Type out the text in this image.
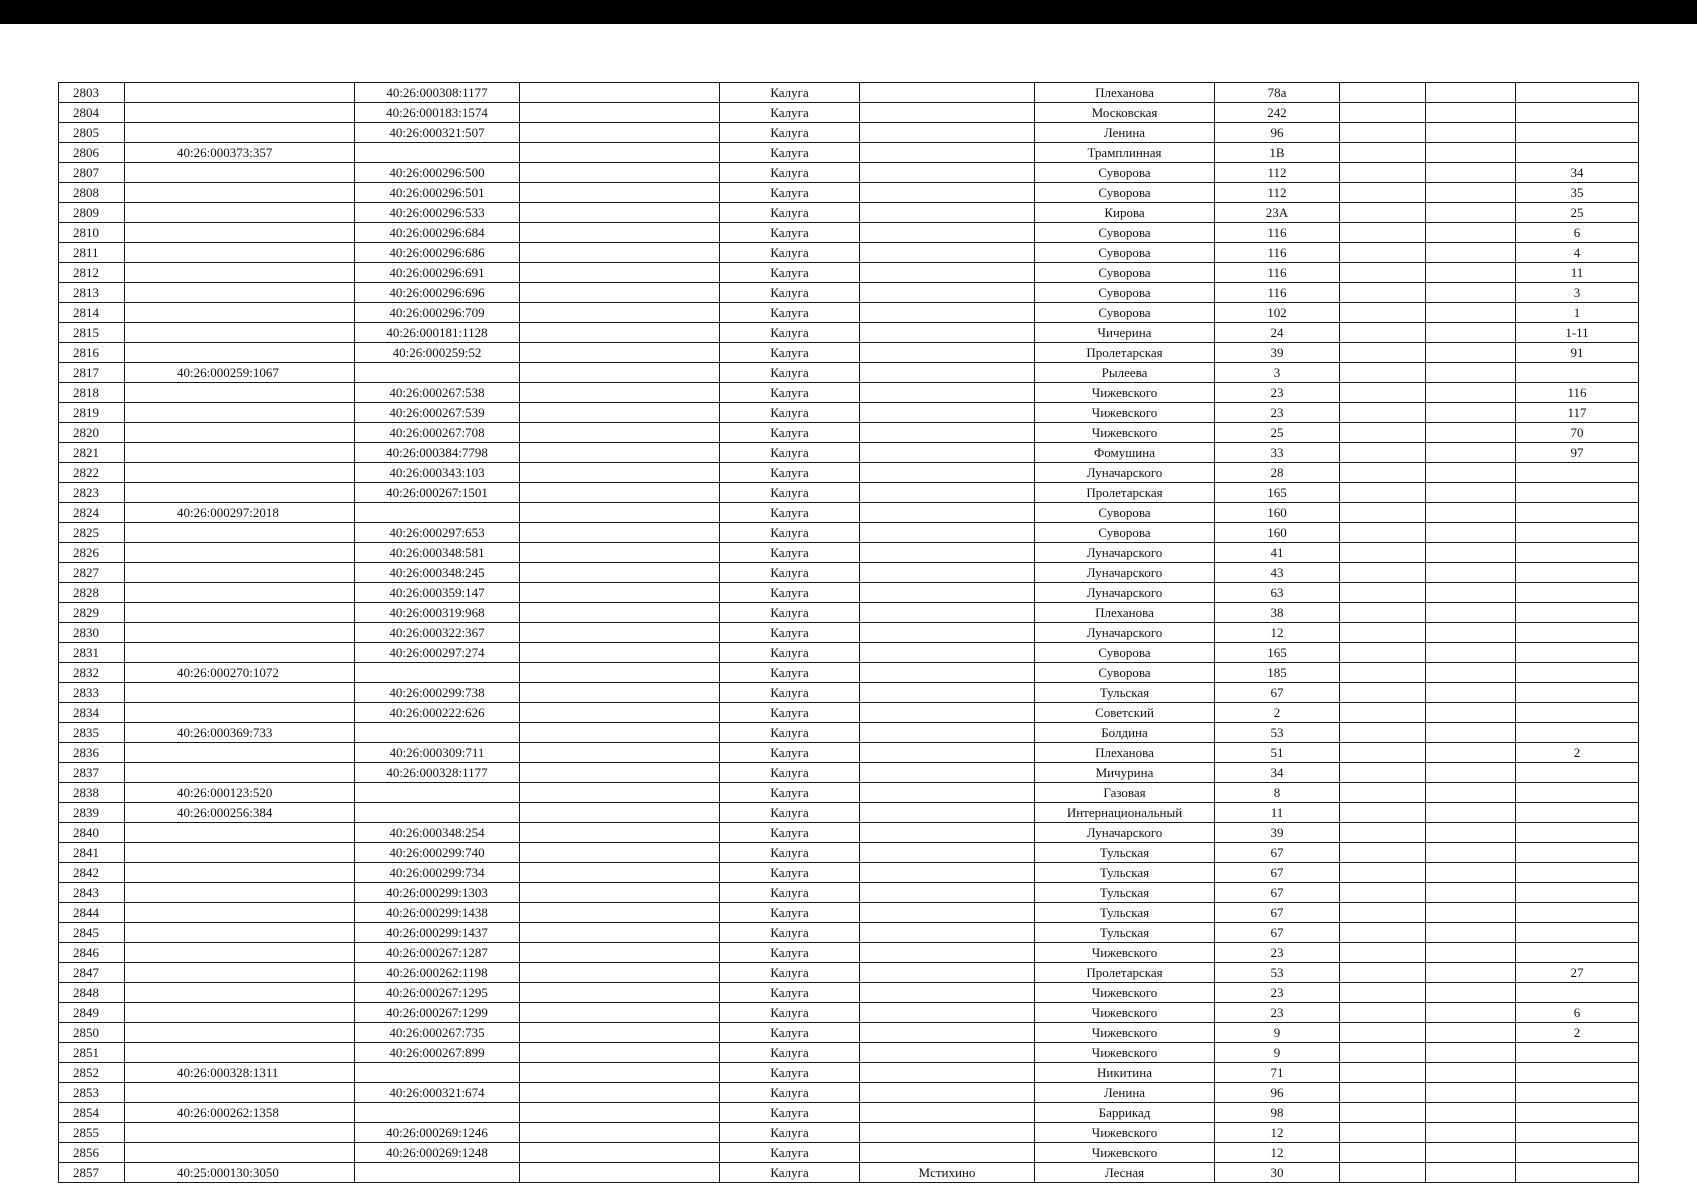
2803		40:26:000308:1177		Калуга		Плеханова	78а			
2804		40:26:000183:1574		Калуга		Московская	242			
2805		40:26:000321:507		Калуга		Ленина	96			
2806	40:26:000373:357			Калуга		Трамплинная	1В			
2807		40:26:000296:500		Калуга		Суворова	112			34
2808		40:26:000296:501		Калуга		Суворова	112			35
2809		40:26:000296:533		Калуга		Кирова	23А			25
2810		40:26:000296:684		Калуга		Суворова	116			6
2811		40:26:000296:686		Калуга		Суворова	116			4
2812		40:26:000296:691		Калуга		Суворова	116			11
2813		40:26:000296:696		Калуга		Суворова	116			3
2814		40:26:000296:709		Калуга		Суворова	102			1
2815		40:26:000181:1128		Калуга		Чичерина	24			1-11
2816		40:26:000259:52		Калуга		Пролетарская	39			91
2817	40:26:000259:1067			Калуга		Рылеева	3			
2818		40:26:000267:538		Калуга		Чижевского	23			116
2819		40:26:000267:539		Калуга		Чижевского	23			117
2820		40:26:000267:708		Калуга		Чижевского	25			70
2821		40:26:000384:7798		Калуга		Фомушина	33			97
2822		40:26:000343:103		Калуга		Луначарского	28			
2823		40:26:000267:1501		Калуга		Пролетарская	165			
2824	40:26:000297:2018			Калуга		Суворова	160			
2825		40:26:000297:653		Калуга		Суворова	160			
2826		40:26:000348:581		Калуга		Луначарского	41			
2827		40:26:000348:245		Калуга		Луначарского	43			
2828		40:26:000359:147		Калуга		Луначарского	63			
2829		40:26:000319:968		Калуга		Плеханова	38			
2830		40:26:000322:367		Калуга		Луначарского	12			
2831		40:26:000297:274		Калуга		Суворова	165			
2832	40:26:000270:1072			Калуга		Суворова	185			
2833		40:26:000299:738		Калуга		Тульская	67			
2834		40:26:000222:626		Калуга		Советский	2			
2835	40:26:000369:733			Калуга		Болдина	53			
2836		40:26:000309:711		Калуга		Плеханова	51			2
2837		40:26:000328:1177		Калуга		Мичурина	34			
2838	40:26:000123:520			Калуга		Газовая	8			
2839	40:26:000256:384			Калуга		Интернациональный	11			
2840		40:26:000348:254		Калуга		Луначарского	39			
2841		40:26:000299:740		Калуга		Тульская	67			
2842		40:26:000299:734		Калуга		Тульская	67			
2843		40:26:000299:1303		Калуга		Тульская	67			
2844		40:26:000299:1438		Калуга		Тульская	67			
2845		40:26:000299:1437		Калуга		Тульская	67			
2846		40:26:000267:1287		Калуга		Чижевского	23			
2847		40:26:000262:1198		Калуга		Пролетарская	53			27
2848		40:26:000267:1295		Калуга		Чижевского	23			
2849		40:26:000267:1299		Калуга		Чижевского	23			6
2850		40:26:000267:735		Калуга		Чижевского	9			2
2851		40:26:000267:899		Калуга		Чижевского	9			
2852	40:26:000328:1311			Калуга		Никитина	71			
2853		40:26:000321:674		Калуга		Ленина	96			
2854	40:26:000262:1358			Калуга		Баррикад	98			
2855		40:26:000269:1246		Калуга		Чижевского	12			
2856		40:26:000269:1248		Калуга		Чижевского	12			
2857	40:25:000130:3050			Калуга	Мстихино	Лесная	30			
